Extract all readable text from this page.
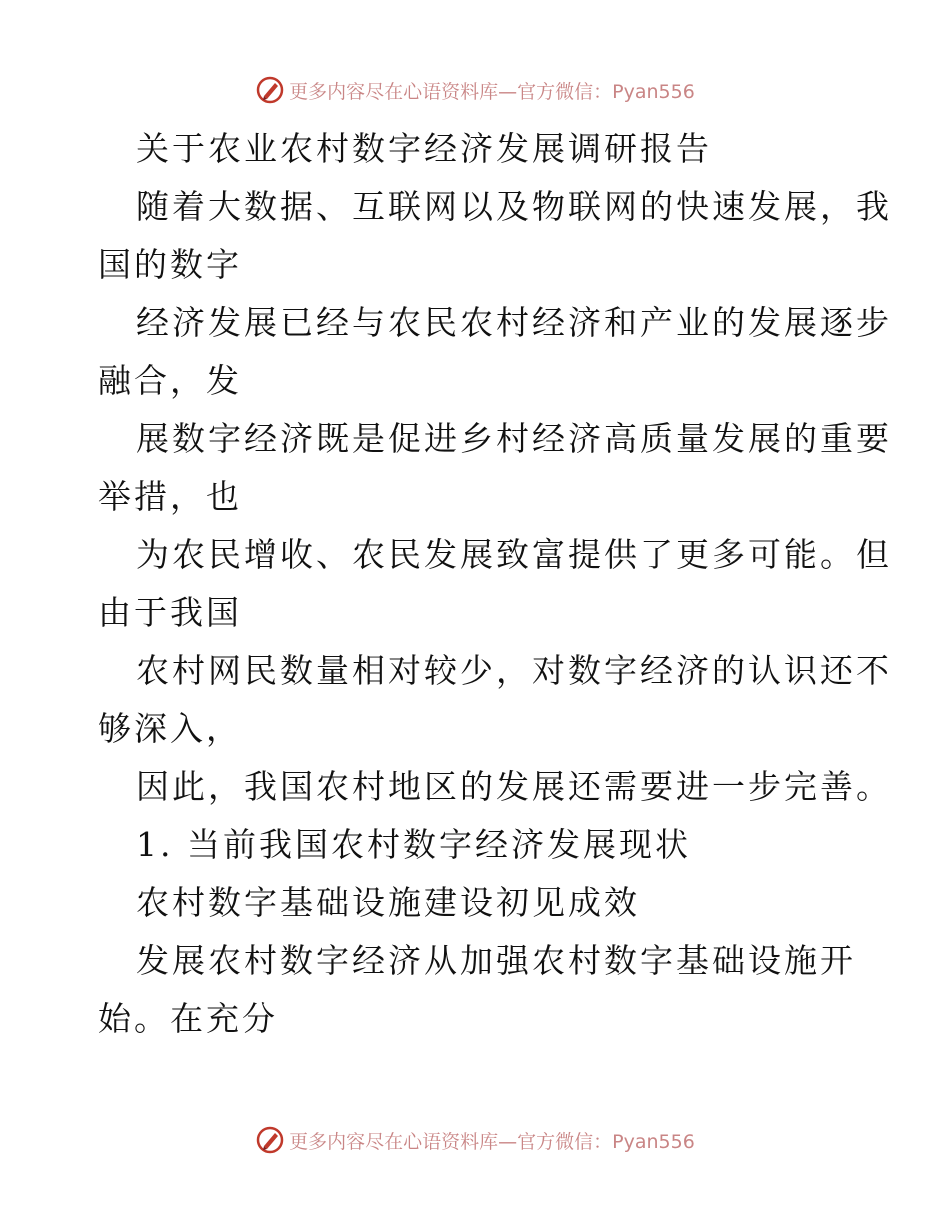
更多内容尽在心语资料库—官方微信：Pyan556
关于农业农村数字经济发展调研报告
随着大数据、互联网以及物联网的快速发展，我
国的数字
经济发展已经与农民农村经济和产业的发展逐步
融合，发
展数字经济既是促进乡村经济高质量发展的重要
举措，也
为农民增收、农民发展致富提供了更多可能。但
由于我国
农村网民数量相对较少，对数字经济的认识还不
够深入，
因此，我国农村地区的发展还需要进一步完善。
1. 当前我国农村数字经济发展现状
农村数字基础设施建设初见成效
发展农村数字经济从加强农村数字基础设施开
始。在充分
更多内容尽在心语资料库—官方微信：Pyan556
